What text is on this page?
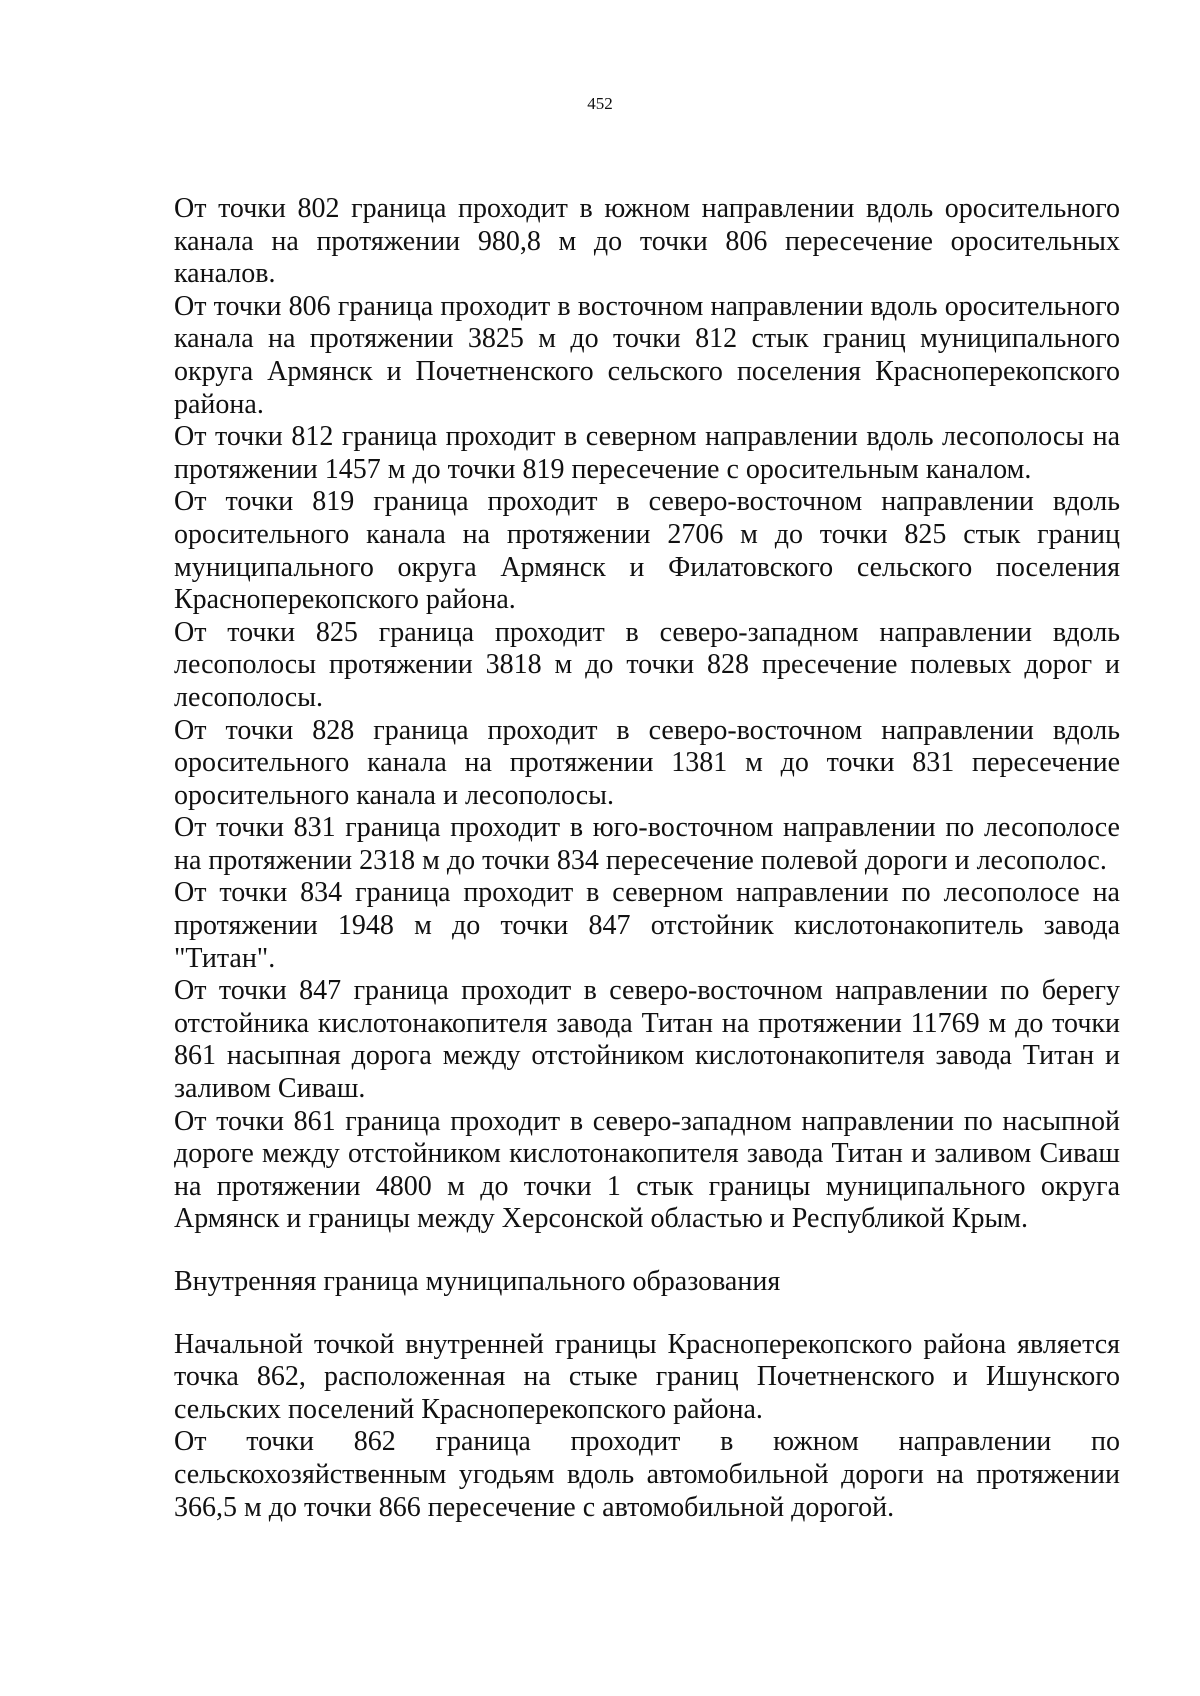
452

От точки 802 граница проходит в южном направлении вдоль оросительного канала на протяжении 980,8 м до точки 806 пересечение оросительных каналов.

От точки 806 граница проходит в восточном направлении вдоль оросительного канала на протяжении 3825 м до точки 812 стык границ муниципального округа Армянск и Почетненского сельского поселения Красноперекопского района.

От точки 812 граница проходит в северном направлении вдоль лесополосы на протяжении 1457 м до точки 819 пересечение с оросительным каналом.

От точки 819 граница проходит в северо-восточном направлении вдоль оросительного канала на протяжении 2706 м до точки 825 стык границ муниципального округа Армянск и Филатовского сельского поселения Красноперекопского района.

От точки 825 граница проходит в северо-западном направлении вдоль лесополосы протяжении 3818 м до точки 828 пресечение полевых дорог и лесополосы.

От точки 828 граница проходит в северо-восточном направлении вдоль оросительного канала на протяжении 1381 м до точки 831 пересечение оросительного канала и лесополосы.

От точки 831 граница проходит в юго-восточном направлении по лесополосе на протяжении 2318 м до точки 834 пересечение полевой дороги и лесополос.

От точки 834 граница проходит в северном направлении по лесополосе на протяжении 1948 м до точки 847 отстойник кислотонакопитель завода "Титан".

От точки 847 граница проходит в северо-восточном направлении по берегу отстойника кислотонакопителя завода Титан на протяжении 11769 м до точки 861 насыпная дорога между отстойником кислотонакопителя завода Титан и заливом Сиваш.

От точки 861 граница проходит в северо-западном направлении по насыпной дороге между отстойником кислотонакопителя завода Титан и заливом Сиваш на протяжении 4800 м до точки 1 стык границы муниципального округа Армянск и границы между Херсонской областью и Республикой Крым.

Внутренняя граница муниципального образования

Начальной точкой внутренней границы Красноперекопского района является точка 862, расположенная на стыке границ Почетненского и Ишунского сельских поселений Красноперекопского района.

От точки 862 граница проходит в южном направлении по сельскохозяйственным угодьям вдоль автомобильной дороги на протяжении 366,5 м до точки 866 пересечение с автомобильной дорогой.
